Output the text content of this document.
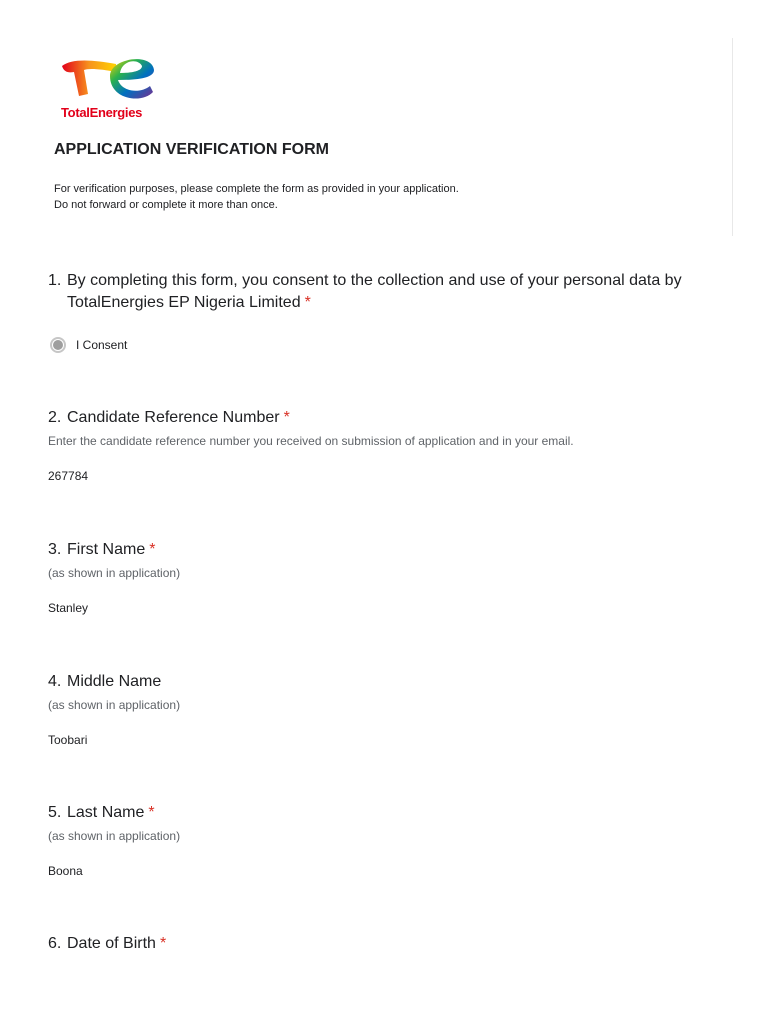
TotalEnergies
APPLICATION VERIFICATION FORM
For verification purposes, please complete the form as provided in your application.
Do not forward or complete it more than once.
1. By completing this form, you consent to the collection and use of your personal data by TotalEnergies EP Nigeria Limited *
I Consent
2. Candidate Reference Number *
Enter the candidate reference number you received on submission of application and in your email.
267784
3. First Name *
(as shown in application)
Stanley
4. Middle Name
(as shown in application)
Toobari
5. Last Name *
(as shown in application)
Boona
6. Date of Birth *
